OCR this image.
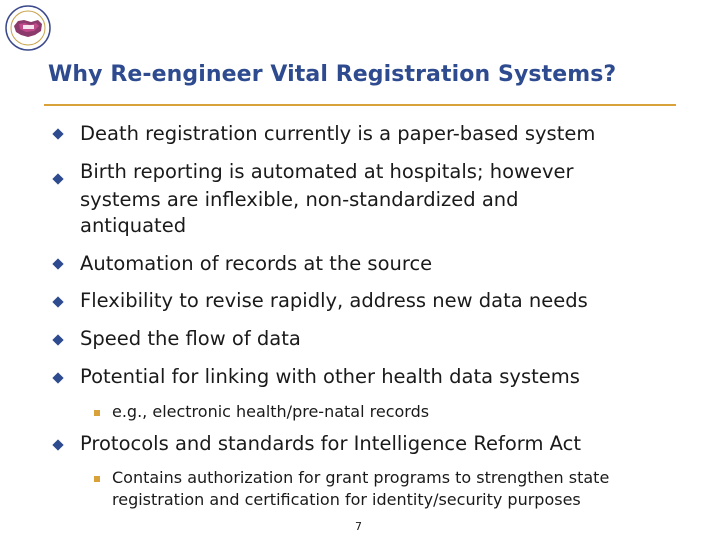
Why Re-engineer Vital Registration Systems?
Death registration currently is a paper-based system
Birth reporting is automated at hospitals; however
systems are inflexible, non-standardized and
antiquated
Automation of records at the source
Flexibility to revise rapidly, address new data needs
Speed the flow of data
Potential for linking with other health data systems
e.g., electronic health/pre-natal records
Protocols and standards for Intelligence Reform Act
Contains authorization for grant programs to strengthen state
registration and certification for identity/security purposes
7
